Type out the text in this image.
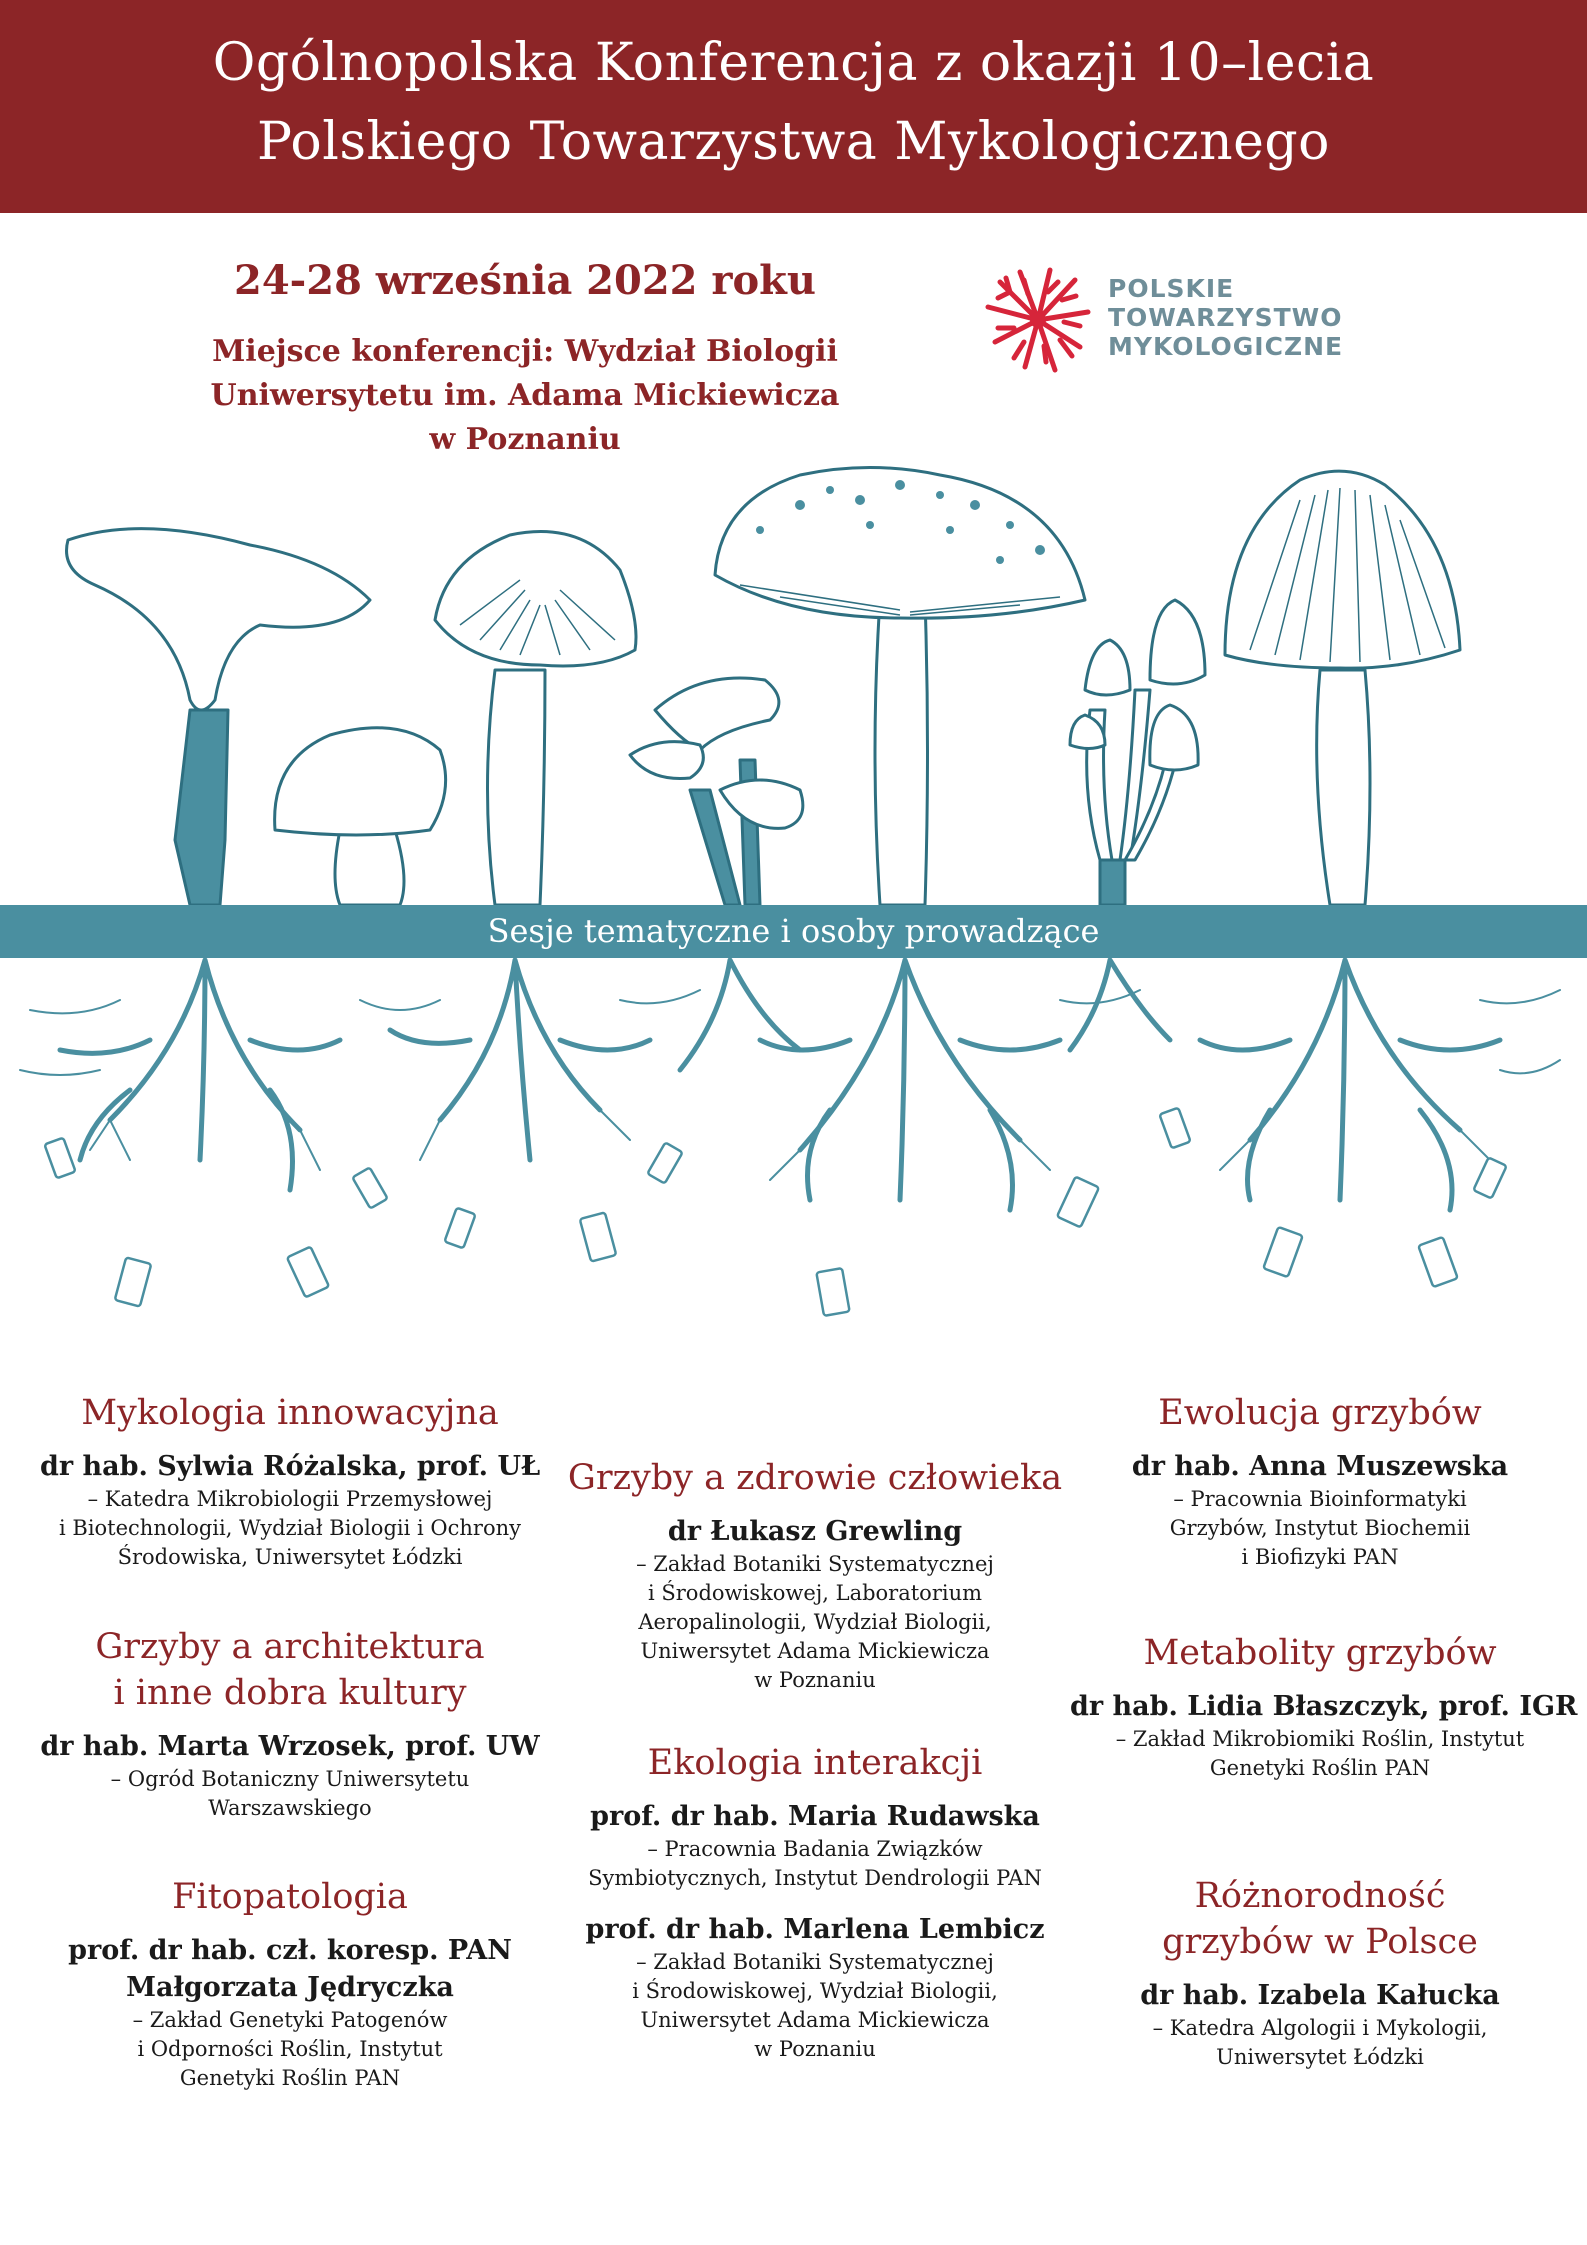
Ogólnopolska Konferencja z okazji 10–lecia
Polskiego Towarzystwa Mykologicznego
24-28 września 2022 roku
Miejsce konferencji: Wydział Biologii
Uniwersytetu im. Adama Mickiewicza
w Poznaniu
POLSKIE
TOWARZYSTWO
MYKOLOGICZNE
Sesje tematyczne i osoby prowadzące
Mykologia innowacyjna
dr hab. Sylwia Różalska, prof. UŁ
– Katedra Mikrobiologii Przemysłowej
i Biotechnologii, Wydział Biologii i Ochrony
Środowiska, Uniwersytet Łódzki
Grzyby a architektura
i inne dobra kultury
dr hab. Marta Wrzosek, prof. UW
– Ogród Botaniczny Uniwersytetu
Warszawskiego
Fitopatologia
prof. dr hab. czł. koresp. PAN
Małgorzata Jędryczka
– Zakład Genetyki Patogenów
i Odporności Roślin, Instytut
Genetyki Roślin PAN
Grzyby a zdrowie człowieka
dr Łukasz Grewling
– Zakład Botaniki Systematycznej
i Środowiskowej, Laboratorium
Aeropalinologii, Wydział Biologii,
Uniwersytet Adama Mickiewicza
w Poznaniu
Ekologia interakcji
prof. dr hab. Maria Rudawska
– Pracownia Badania Związków
Symbiotycznych, Instytut Dendrologii PAN
prof. dr hab. Marlena Lembicz
– Zakład Botaniki Systematycznej
i Środowiskowej, Wydział Biologii,
Uniwersytet Adama Mickiewicza
w Poznaniu
Ewolucja grzybów
dr hab. Anna Muszewska
– Pracownia Bioinformatyki
Grzybów, Instytut Biochemii
i Biofizyki PAN
Metabolity grzybów
dr hab. Lidia Błaszczyk, prof. IGR
– Zakład Mikrobiomiki Roślin, Instytut
Genetyki Roślin PAN
Różnorodność
grzybów w Polsce
dr hab. Izabela Kałucka
– Katedra Algologii i Mykologii,
Uniwersytet Łódzki
